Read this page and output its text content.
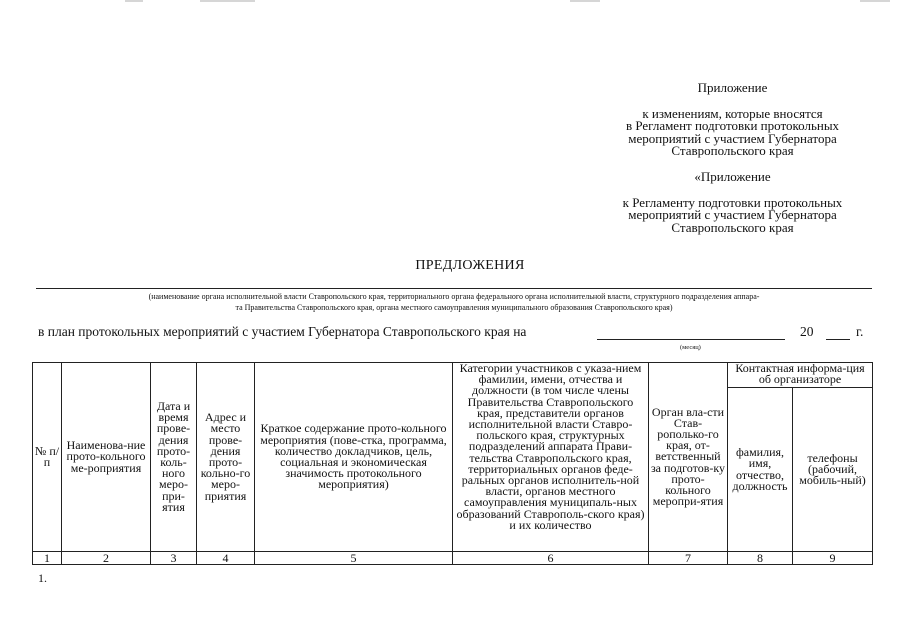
Приложение
к изменениям, которые вносятся
в Регламент подготовки протокольных
мероприятий с участием Губернатора
Ставропольского края
«Приложение
к Регламенту подготовки протокольных
мероприятий с участием Губернатора
Ставропольского края
ПРЕДЛОЖЕНИЯ
(наименование органа исполнительной власти Ставропольского края, территориального органа федерального органа исполнительной власти, структурного подразделения аппара-
та Правительства Ставропольского края, органа местного самоуправления муниципального образования Ставропольского края)
в план протокольных мероприятий с участием Губернатора Ставропольского края на	20	г.
(месяц)
№ п/п	Наименова-ние прото-кольного ме-роприятия	Дата и время прове-дения прото-коль-ного меро-при-ятия	Адрес и место прове-дения прото-кольно-го меро-приятия	Краткое содержание прото-кольного мероприятия (пове-стка, программа, количество докладчиков, цель, социальная и экономическая значимость протокольного мероприятия)	Категории участников с указа-нием фамилии, имени, отчества и должности (в том числе члены Правительства Ставропольского края, представители органов исполнительной власти Ставро-польского края, структурных подразделений аппарата Прави-тельства Ставропольского края, территориальных органов феде-ральных органов исполнитель-ной власти, органов местного самоуправления муниципаль-ных образований Ставрополь-ского края) и их количество	Орган вла-сти Став-рополько-го края, от-ветственный за подготов-ку прото-кольного меропри-ятия	Контактная информа-ция об организаторе	
							фамилия, имя, отчество, должность	телефоны (рабочий, мобиль-ный)
1	2	3	4	5	6	7	8	9
1.
